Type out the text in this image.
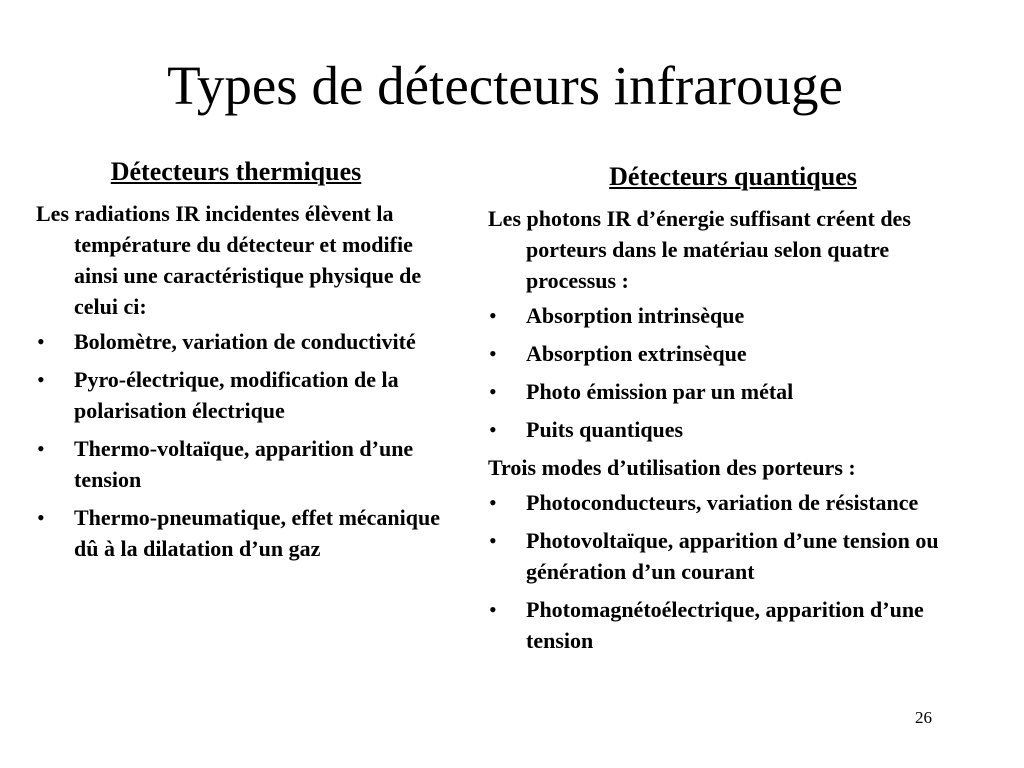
Types de détecteurs infrarouge
Détecteurs thermiques

Les radiations IR incidentes élèvent la température du détecteur et modifie ainsi une caractéristique physique de celui ci:

• Bolomètre, variation de conductivité
• Pyro-électrique, modification de la polarisation électrique
• Thermo-voltaïque, apparition d’une tension
• Thermo-pneumatique, effet mécanique dû à la dilatation d’un gaz
Détecteurs quantiques

Les photons IR d’énergie suffisant créent des porteurs dans le matériau selon quatre processus :

• Absorption intrinsèque
• Absorption extrinsèque
• Photo émission par un métal
• Puits quantiques

Trois modes d’utilisation des porteurs :

• Photoconducteurs, variation de résistance
• Photovoltaïque, apparition d’une tension ou génération d’un courant
• Photomagnétoélectrique, apparition d’une tension
26
